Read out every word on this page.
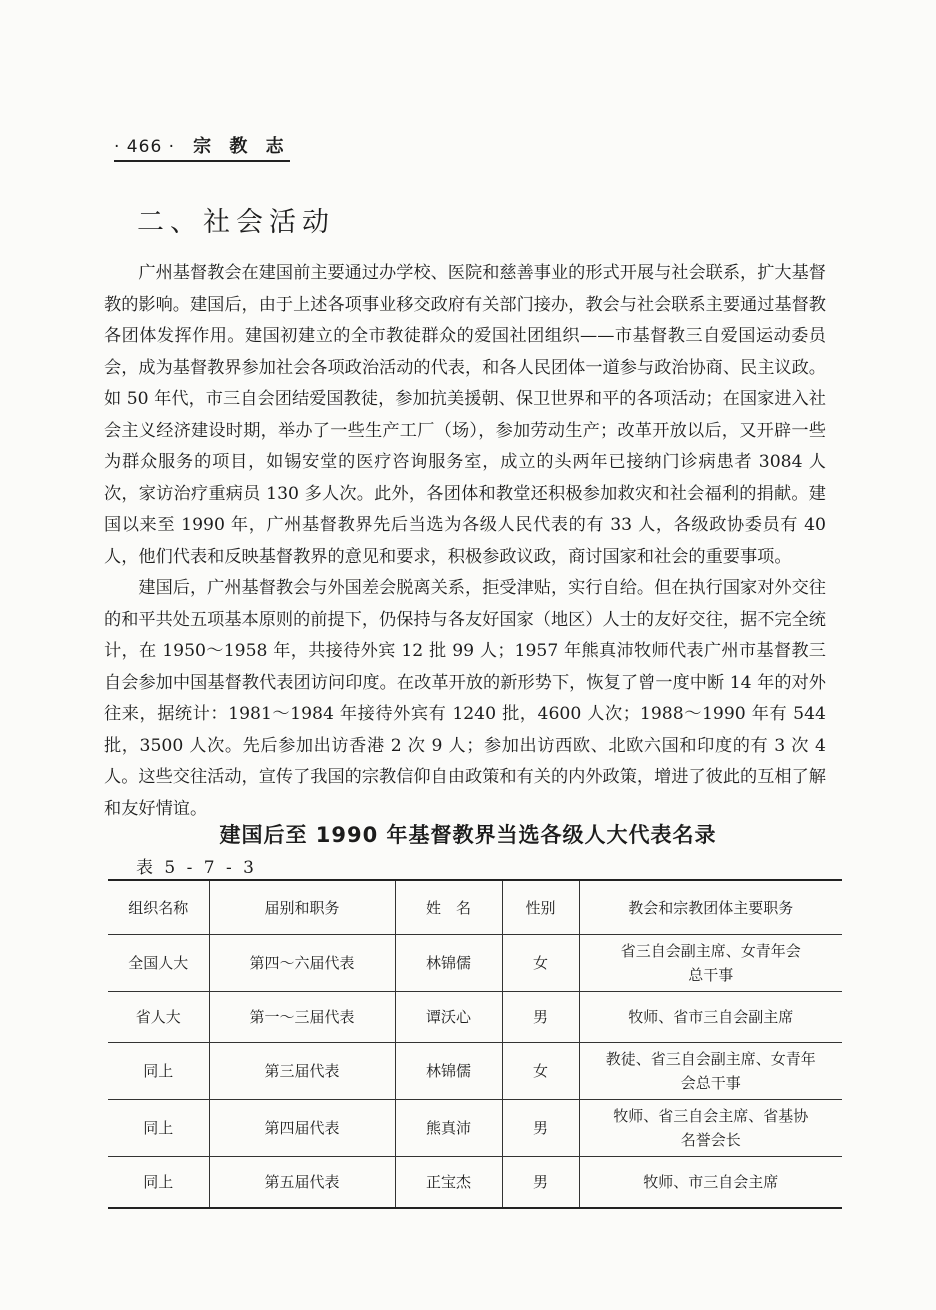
· 466 · 宗 教 志
二、社会活动

广州基督教会在建国前主要通过办学校、医院和慈善事业的形式开展与社会联系，扩大基督教的影响。建国后，由于上述各项事业移交政府有关部门接办，教会与社会联系主要通过基督教各团体发挥作用。建国初建立的全市教徒群众的爱国社团组织——市基督教三自爱国运动委员会，成为基督教界参加社会各项政治活动的代表，和各人民团体一道参与政治协商、民主议政。如 50 年代，市三自会团结爱国教徒，参加抗美援朝、保卫世界和平的各项活动；在国家进入社会主义经济建设时期，举办了一些生产工厂（场），参加劳动生产；改革开放以后，又开辟一些为群众服务的项目，如锡安堂的医疗咨询服务室，成立的头两年已接纳门诊病患者 3084 人次，家访治疗重病员 130 多人次。此外，各团体和教堂还积极参加救灾和社会福利的捐献。建国以来至 1990 年，广州基督教界先后当选为各级人民代表的有 33 人，各级政协委员有 40 人，他们代表和反映基督教界的意见和要求，积极参政议政，商讨国家和社会的重要事项。

建国后，广州基督教会与外国差会脱离关系，拒受津贴，实行自给。但在执行国家对外交往的和平共处五项基本原则的前提下，仍保持与各友好国家（地区）人士的友好交往，据不完全统计，在 1950～1958 年，共接待外宾 12 批 99 人；1957 年熊真沛牧师代表广州市基督教三自会参加中国基督教代表团访问印度。在改革开放的新形势下，恢复了曾一度中断 14 年的对外往来，据统计：1981～1984 年接待外宾有 1240 批，4600 人次；1988～1990 年有 544 批，3500 人次。先后参加出访香港 2 次 9 人；参加出访西欧、北欧六国和印度的有 3 次 4 人。这些交往活动，宣传了我国的宗教信仰自由政策和有关的内外政策，增进了彼此的互相了解和友好情谊。

建国后至 1990 年基督教界当选各级人大代表名录
表 5 - 7 - 3
组织名称	届别和职务	姓　名	性别	教会和宗教团体主要职务
全国人大	第四～六届代表	林锦儒	女	省三自会副主席、女青年会
总干事
省人大	第一～三届代表	谭沃心	男	牧师、省市三自会副主席
同上	第三届代表	林锦儒	女	教徒、省三自会副主席、女青年
会总干事
同上	第四届代表	熊真沛	男	牧师、省三自会主席、省基协
名誉会长
同上	第五届代表	正宝杰	男	牧师、市三自会主席
